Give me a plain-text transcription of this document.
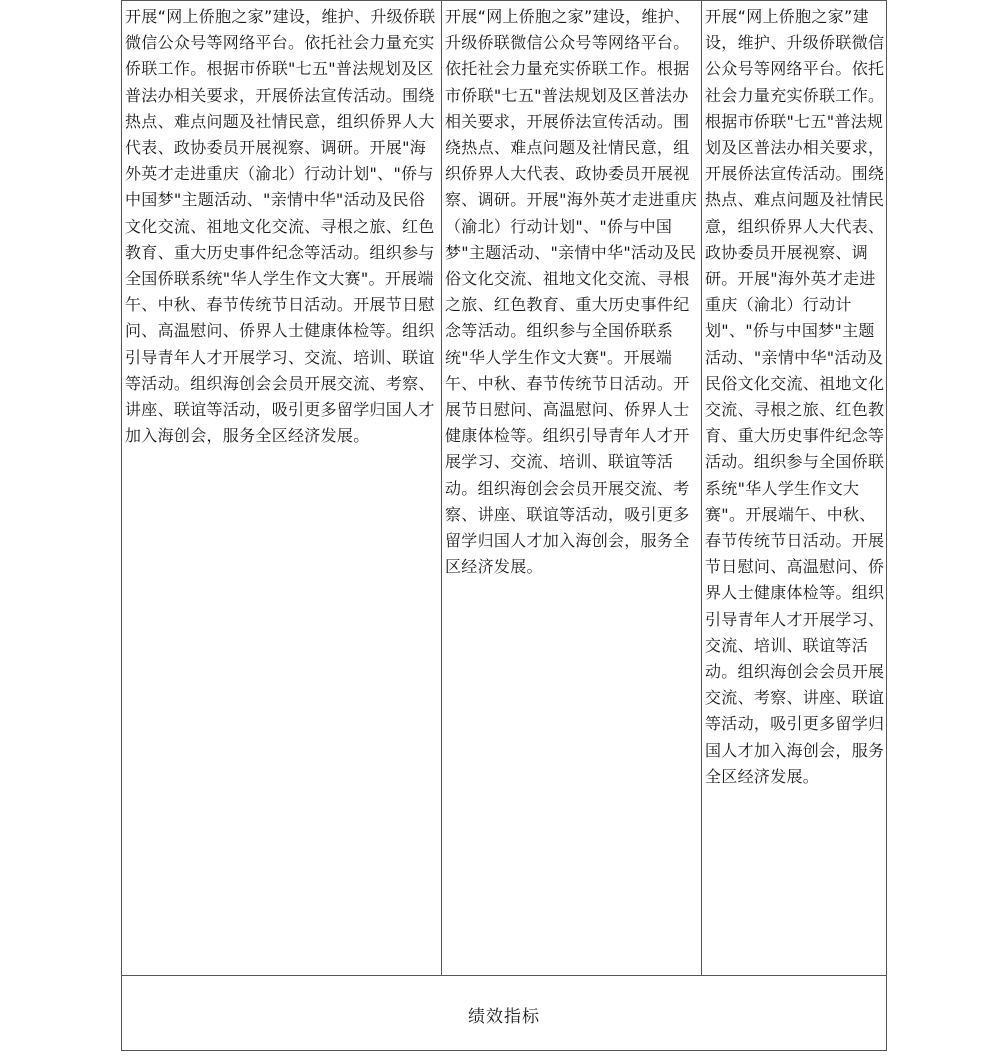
开展“网上侨胞之家”建设，维护、升级侨联微信公众号等网络平台。依托社会力量充实侨联工作。根据市侨联"七五"普法规划及区普法办相关要求，开展侨法宣传活动。围绕热点、难点问题及社情民意，组织侨界人大代表、政协委员开展视察、调研。开展"海外英才走进重庆（渝北）行动计划"、"侨与中国梦"主题活动、"亲情中华"活动及民俗文化交流、祖地文化交流、寻根之旅、红色教育、重大历史事件纪念等活动。组织参与全国侨联系统"华人学生作文大赛"。开展端午、中秋、春节传统节日活动。开展节日慰问、高温慰问、侨界人士健康体检等。组织引导青年人才开展学习、交流、培训、联谊等活动。组织海创会会员开展交流、考察、讲座、联谊等活动，吸引更多留学归国人才加入海创会，服务全区经济发展。

开展“网上侨胞之家”建设，维护、升级侨联微信公众号等网络平台。依托社会力量充实侨联工作。根据市侨联"七五"普法规划及区普法办相关要求，开展侨法宣传活动。围绕热点、难点问题及社情民意，组织侨界人大代表、政协委员开展视察、调研。开展"海外英才走进重庆（渝北）行动计划"、"侨与中国梦"主题活动、"亲情中华"活动及民俗文化交流、祖地文化交流、寻根之旅、红色教育、重大历史事件纪念等活动。组织参与全国侨联系统"华人学生作文大赛"。开展端午、中秋、春节传统节日活动。开展节日慰问、高温慰问、侨界人士健康体检等。组织引导青年人才开展学习、交流、培训、联谊等活动。组织海创会会员开展交流、考察、讲座、联谊等活动，吸引更多留学归国人才加入海创会，服务全区经济发展。

开展“网上侨胞之家”建设，维护、升级侨联微信公众号等网络平台。依托社会力量充实侨联工作。根据市侨联"七五"普法规划及区普法办相关要求，开展侨法宣传活动。围绕热点、难点问题及社情民意，组织侨界人大代表、政协委员开展视察、调研。开展"海外英才走进重庆（渝北）行动计划"、"侨与中国梦"主题活动、"亲情中华"活动及民俗文化交流、祖地文化交流、寻根之旅、红色教育、重大历史事件纪念等活动。组织参与全国侨联系统"华人学生作文大赛"。开展端午、中秋、春节传统节日活动。开展节日慰问、高温慰问、侨界人士健康体检等。组织引导青年人才开展学习、交流、培训、联谊等活动。组织海创会会员开展交流、考察、讲座、联谊等活动，吸引更多留学归国人才加入海创会，服务全区经济发展。

绩效指标
